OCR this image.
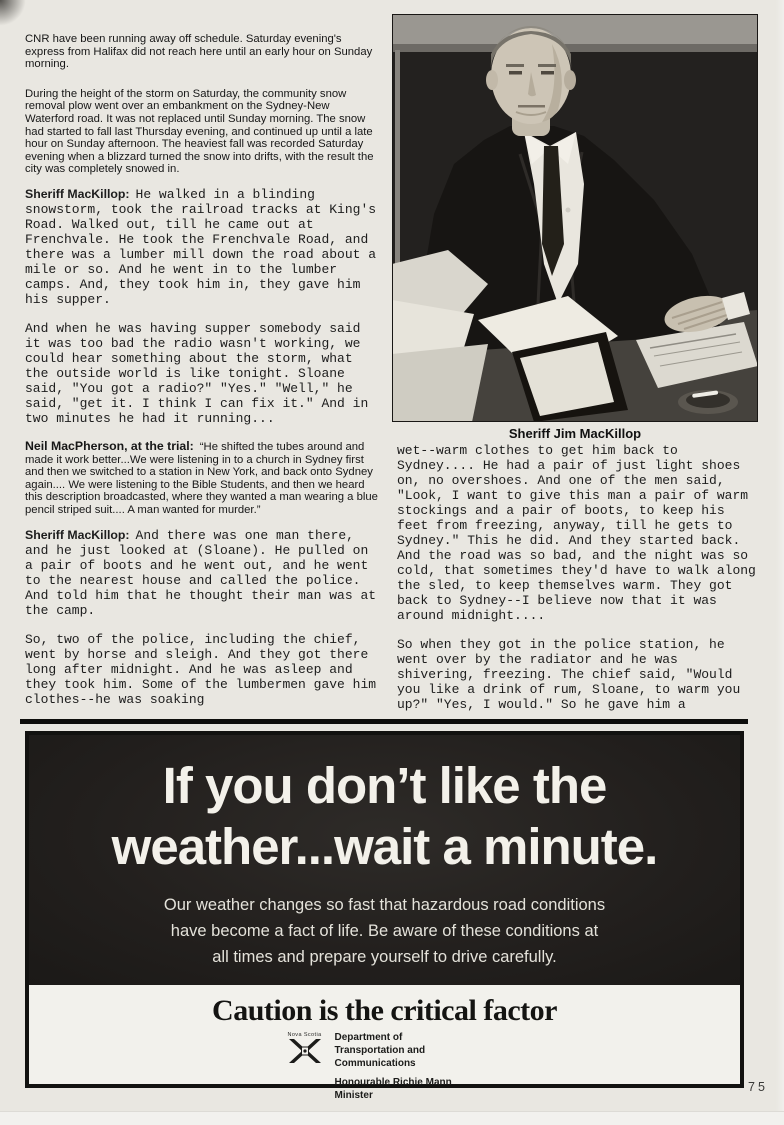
CNR have been running away off schedule. Saturday evening's express from Halifax did not reach here until an early hour on Sunday morning.

During the height of the storm on Saturday, the community snow removal plow went over an embankment on the Sydney-New Waterford road. It was not replaced until Sunday morning. The snow had started to fall last Thursday evening, and continued up until a late hour on Sunday afternoon. The heaviest fall was recorded Saturday evening when a blizzard turned the snow into drifts, with the result the city was completely snowed in.

Sheriff MacKillop: He walked in a blinding snowstorm, took the railroad tracks at King's Road. Walked out, till he came out at Frenchvale. He took the Frenchvale Road, and there was a lumber mill down the road about a mile or so. And he went in to the lumber camps. And, they took him in, they gave him his supper.

And when he was having supper somebody said it was too bad the radio wasn't working, we could hear something about the storm, what the outside world is like tonight. Sloane said, "You got a radio?" "Yes." "Well," he said, "get it. I think I can fix it." And in two minutes he had it running...

Neil MacPherson, at the trial: “He shifted the tubes around and made it work better...We were listening in to a church in Sydney first and then we switched to a station in New York, and back onto Sydney again.... We were listening to the Bible Students, and then we heard this description broadcasted, where they wanted a man wearing a blue pencil striped suit.... A man wanted for murder.”

Sheriff MacKillop: And there was one man there, and he just looked at (Sloane). He pulled on a pair of boots and he went out, and he went to the nearest house and called the police. And told him that he thought their man was at the camp.

So, two of the police, including the chief, went by horse and sleigh. And they got there long after midnight. And he was asleep and they took him. Some of the lumbermen gave him clothes--he was soaking

Sheriff Jim MacKillop

wet--warm clothes to get him back to Sydney.... He had a pair of just light shoes on, no overshoes. And one of the men said, "Look, I want to give this man a pair of warm stockings and a pair of boots, to keep his feet from freezing, anyway, till he gets to Sydney." This he did. And they started back. And the road was so bad, and the night was so cold, that sometimes they'd have to walk along the sled, to keep themselves warm. They got back to Sydney--I believe now that it was around midnight....

So when they got in the police station, he went over by the radiator and he was shivering, freezing. The chief said, "Would you like a drink of rum, Sloane, to warm you up?" "Yes, I would." So he gave him a

If you don’t like the
weather...wait a minute.
Our weather changes so fast that hazardous road conditions
have become a fact of life. Be aware of these conditions at
all times and prepare yourself to drive carefully.
Caution is the critical factor
Nova Scotia Department of
Transportation and
Communications
Honourable Richie Mann
Minister
75
